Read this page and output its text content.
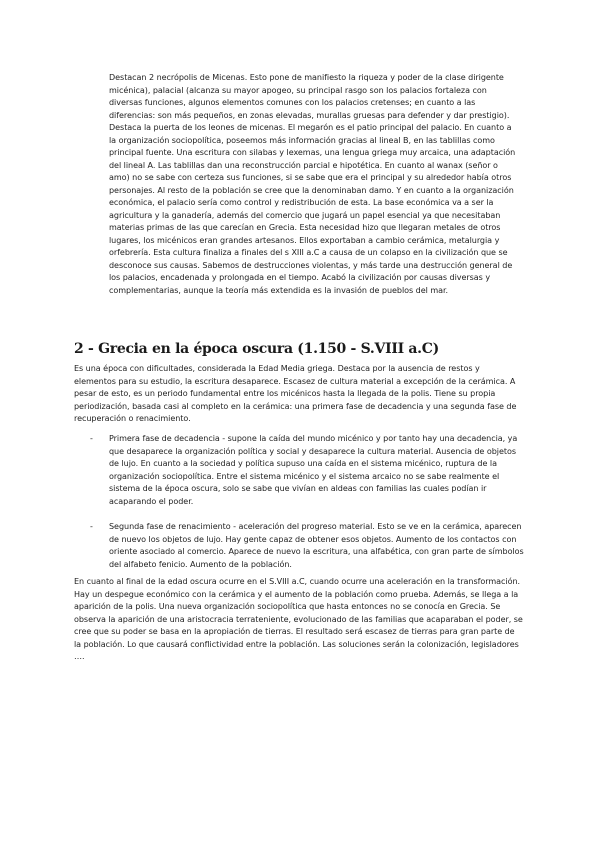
Destacan 2 necrópolis de Micenas. Esto pone de manifiesto la riqueza y poder de la clase dirigente micénica), palacial (alcanza su mayor apogeo, su principal rasgo son los palacios fortaleza con diversas funciones, algunos elementos comunes con los palacios cretenses; en cuanto a las diferencias: son más pequeños, en zonas elevadas, murallas gruesas para defender y dar prestigio). Destaca la puerta de los leones de micenas. El megarón es el patio principal del palacio. En cuanto a la organización sociopolítica, poseemos más información gracias al lineal B, en las tablillas como principal fuente. Una escritura con silabas y lexemas, una lengua griega muy arcaica, una adaptación del lineal A. Las tablillas dan una reconstrucción parcial e hipotética. En cuanto al wanax (señor o amo) no se sabe con certeza sus funciones, si se sabe que era el principal y su alrededor había otros personajes. Al resto de la población se cree que la denominaban damo. Y en cuanto a la organización económica, el palacio sería como control y redistribución de esta. La base económica va a ser la agricultura y la ganadería, además del comercio que jugará un papel esencial ya que necesitaban materias primas de las que carecían en Grecia. Esta necesidad hizo que llegaran metales de otros lugares, los micénicos eran grandes artesanos. Ellos exportaban a cambio cerámica, metalurgia y orfebrería. Esta cultura finaliza a finales del s XIII a.C a causa de un colapso en la civilización que se desconoce sus causas. Sabemos de destrucciones violentas, y más tarde una destrucción general de los palacios, encadenada y prolongada en el tiempo. Acabó la civilización por causas diversas y complementarias, aunque la teoría más extendida es la invasión de pueblos del mar.

2 - Grecia en la época oscura (1.150 - S.VIII a.C)

Es una época con dificultades, considerada la Edad Media griega. Destaca por la ausencia de restos y elementos para su estudio, la escritura desaparece. Escasez de cultura material a excepción de la cerámica. A pesar de esto, es un periodo fundamental entre los micénicos hasta la llegada de la polis. Tiene su propia periodización, basada casi al completo en la cerámica: una primera fase de decadencia y una segunda fase de recuperación o renacimiento.

- Primera fase de decadencia - supone la caída del mundo micénico y por tanto hay una decadencia, ya que desaparece la organización política y social y desaparece la cultura material. Ausencia de objetos de lujo. En cuanto a la sociedad y política supuso una caída en el sistema micénico, ruptura de la organización sociopolítica. Entre el sistema micénico y el sistema arcaico no se sabe realmente el sistema de la época oscura, solo se sabe que vivían en aldeas con familias las cuales podían ir acaparando el poder.
- Segunda fase de renacimiento - aceleración del progreso material. Esto se ve en la cerámica, aparecen de nuevo los objetos de lujo. Hay gente capaz de obtener esos objetos. Aumento de los contactos con oriente asociado al comercio. Aparece de nuevo la escritura, una alfabética, con gran parte de símbolos del alfabeto fenicio. Aumento de la población.

En cuanto al final de la edad oscura ocurre en el S.VIII a.C, cuando ocurre una aceleración en la transformación. Hay un despegue económico con la cerámica y el aumento de la población como prueba. Además, se llega a la aparición de la polis. Una nueva organización sociopolítica que hasta entonces no se conocía en Grecia. Se observa la aparición de una aristocracia terrateniente, evolucionado de las familias que acaparaban el poder, se cree que su poder se basa en la apropiación de tierras. El resultado será escasez de tierras para gran parte de la población. Lo que causará conflictividad entre la población. Las soluciones serán la colonización, legisladores ….
